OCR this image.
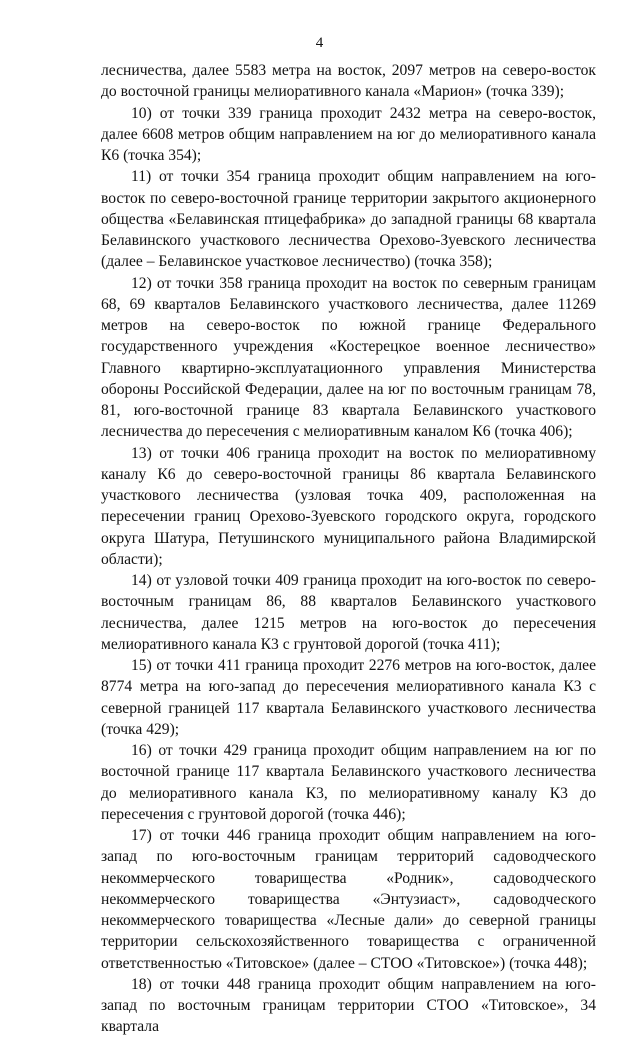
4

лесничества, далее 5583 метра на восток, 2097 метров на северо-восток до восточной границы мелиоративного канала «Марион» (точка 339);

10) от точки 339 граница проходит 2432 метра на северо-восток, далее 6608 метров общим направлением на юг до мелиоративного канала К6 (точка 354);

11) от точки 354 граница проходит общим направлением на юго-восток по северо-восточной границе территории закрытого акционерного общества «Белавинская птицефабрика» до западной границы 68 квартала Белавинского участкового лесничества Орехово-Зуевского лесничества (далее – Белавинское участковое лесничество) (точка 358);

12) от точки 358 граница проходит на восток по северным границам 68, 69 кварталов Белавинского участкового лесничества, далее 11269 метров на северо-восток по южной границе Федерального государственного учреждения «Костерецкое военное лесничество» Главного квартирно-эксплуатационного управления Министерства обороны Российской Федерации, далее на юг по восточным границам 78, 81, юго-восточной границе 83 квартала Белавинского участкового лесничества до пересечения с мелиоративным каналом К6 (точка 406);

13) от точки 406 граница проходит на восток по мелиоративному каналу К6 до северо-восточной границы 86 квартала Белавинского участкового лесничества (узловая точка 409, расположенная на пересечении границ Орехово-Зуевского городского округа, городского округа Шатура, Петушинского муниципального района Владимирской области);

14) от узловой точки 409 граница проходит на юго-восток по северо-восточным границам 86, 88 кварталов Белавинского участкового лесничества, далее 1215 метров на юго-восток до пересечения мелиоративного канала К3 с грунтовой дорогой (точка 411);

15) от точки 411 граница проходит 2276 метров на юго-восток, далее 8774 метра на юго-запад до пересечения мелиоративного канала К3 с северной границей 117 квартала Белавинского участкового лесничества (точка 429);

16) от точки 429 граница проходит общим направлением на юг по восточной границе 117 квартала Белавинского участкового лесничества до мелиоративного канала К3, по мелиоративному каналу К3 до пересечения с грунтовой дорогой (точка 446);

17) от точки 446 граница проходит общим направлением на юго-запад по юго-восточным границам территорий садоводческого некоммерческого товарищества «Родник», садоводческого некоммерческого товарищества «Энтузиаст», садоводческого некоммерческого товарищества «Лесные дали» до северной границы территории сельскохозяйственного товарищества с ограниченной ответственностью «Титовское» (далее – СТОО «Титовское») (точка 448);

18) от точки 448 граница проходит общим направлением на юго-запад по восточным границам территории СТОО «Титовское», 34 квартала
